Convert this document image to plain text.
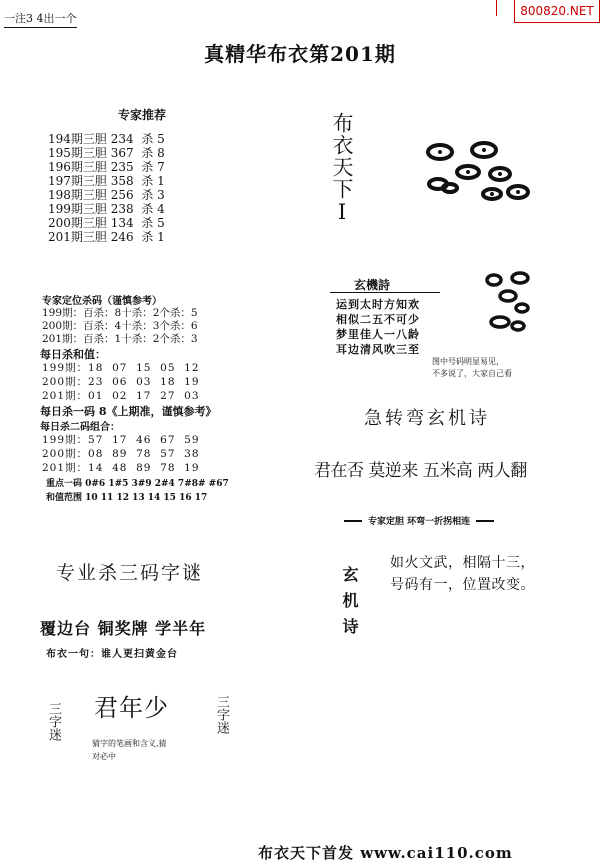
一注3 4出一个
800820.NET
真精华布衣第201期
专家推荐
194期三胆 234  杀 5
195期三胆 367  杀 8
196期三胆 235  杀 7
197期三胆 358  杀 1
198期三胆 256  杀 3
199期三胆 238  杀 4
200期三胆 134  杀 5
201期三胆 246  杀 1
专家定位杀码（谨慎参考）
199期：百杀：8十杀：2个杀：5
200期：百杀：4十杀：3个杀：6
201期：百杀：1十杀：2个杀：3
每日杀和值：
199期：18  07  15  05  12
200期：23  06  03  18  19
201期：01  02  17  27  03
每日杀一码 8《上期准，谨慎参考》
每日杀二码组合：
199期：57  17  46  67  59
200期：08  89  78  57  38
201期：14  48  89  78  19
重点一码 0#6 1#5 3#9 2#4 7#8# #67
和值范围 10 11 12 13 14 15 16 17
专业杀三码字谜
覆边台 铜奖牌 学半年
布衣一句：谁人更扫黄金台
三字迷 君年少	三字迷
猜字的笔画和含义,猜
对必中
布衣天下I
玄機詩
运到太时方知欢
相似二五不可少
梦里佳人一八龄
耳边清风吹三至
图中号码明显易见，
不多说了，大家自己看
急转弯玄机诗
君在否 莫逆来 五米高 两人翻
专家定胆 环弯一折拐相连
玄机诗
如火文武，相隔十三，
号码有一，位置改变。
布衣天下首发 www.cai110.com
